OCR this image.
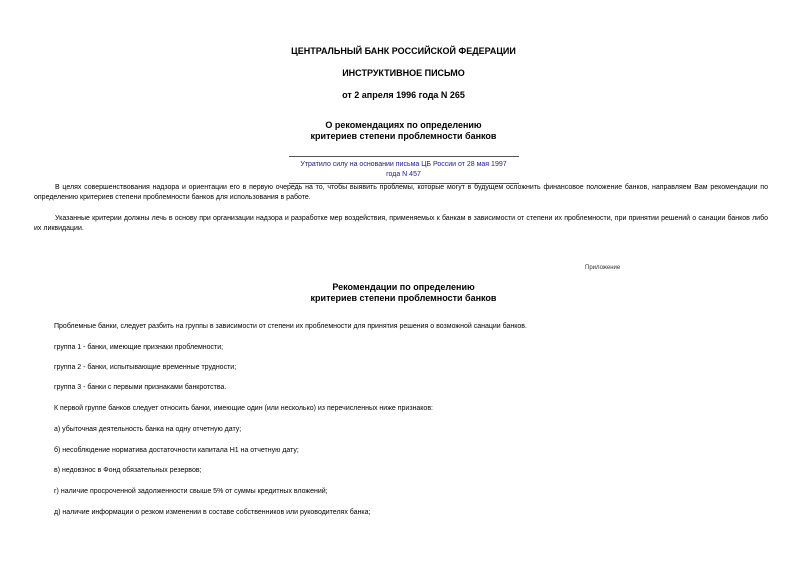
ЦЕНТРАЛЬНЫЙ БАНК РОССИЙСКОЙ ФЕДЕРАЦИИ
ИНСТРУКТИВНОЕ ПИСЬМО
от 2 апреля 1996 года N 265
О рекомендациях по определению
критериев степени проблемности банков
Утратило силу на основании письма ЦБ России от 28 мая 1997 года N 457
В целях совершенствования надзора и ориентации его в первую очередь на то, чтобы выявить проблемы, которые могут в будущем осложнить финансовое положение банков, направляем Вам рекомендации по определению критериев степени проблемности банков для использования в работе.
Указанные критерии должны лечь в основу при организации надзора и разработке мер воздействия, применяемых к банкам в зависимости от степени их проблемности, при принятии решений о санации банков либо их ликвидации.
Приложение
Рекомендации по определению
критериев степени проблемности банков
Проблемные банки, следует разбить на группы в зависимости от степени их проблемности для принятия решения о возможной санации банков.
группа 1 - банки, имеющие признаки проблемности;
группа 2 - банки, испытывающие временные трудности;
группа 3 - банки с первыми признаками банкротства.
К первой группе банков следует относить банки, имеющие один (или несколько) из перечисленных ниже признаков:
а) убыточная деятельность банка на одну отчетную дату;
б) несоблюдение норматива достаточности капитала Н1 на отчетную дату;
в) недовзнос в Фонд обязательных резервов;
г) наличие просроченной задолженности свыше 5% от суммы кредитных вложений;
д) наличие информации о резком изменении в составе собственников или руководителях банка;
